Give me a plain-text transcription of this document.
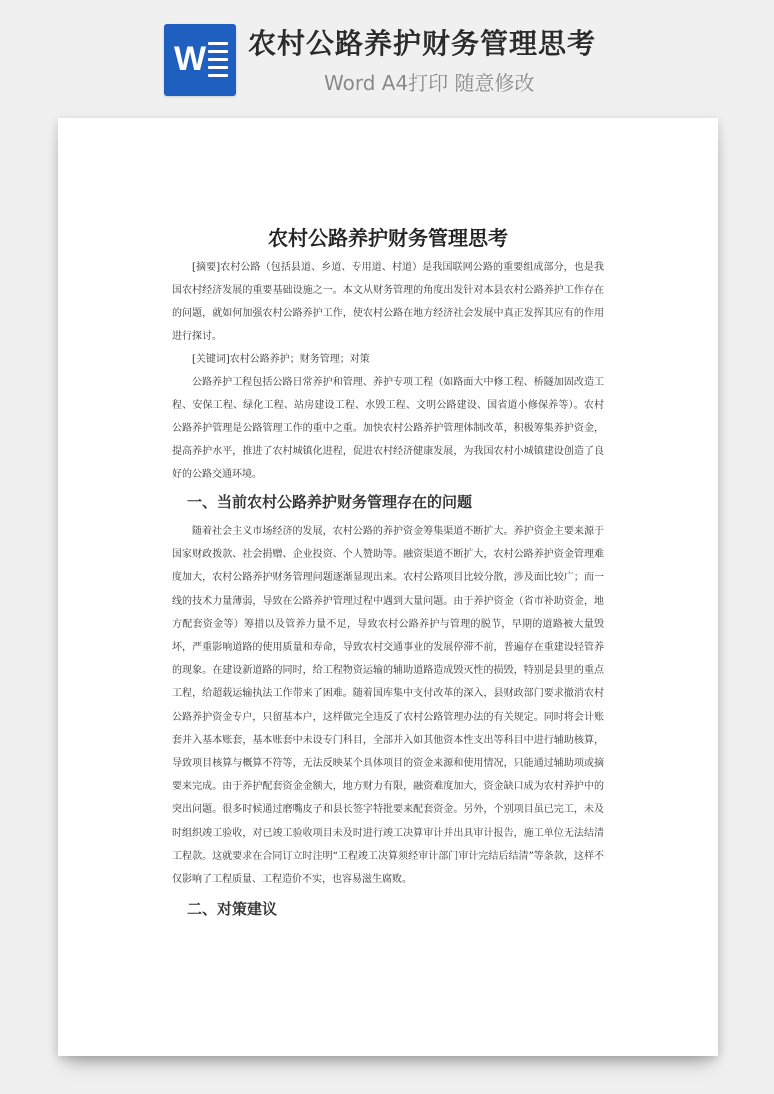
W 农村公路养护财务管理思考
Word A4打印 随意修改
农村公路养护财务管理思考

[摘要]农村公路（包括县道、乡道、专用道、村道）是我国联网公路的重要组成部分，也是我国农村经济发展的重要基础设施之一。本文从财务管理的角度出发针对本县农村公路养护工作存在的问题，就如何加强农村公路养护工作，使农村公路在地方经济社会发展中真正发挥其应有的作用进行探讨。

[关键词]农村公路养护；财务管理；对策

公路养护工程包括公路日常养护和管理、养护专项工程（如路面大中修工程、桥隧加固改造工程、安保工程、绿化工程、站房建设工程、水毁工程、文明公路建设、国省道小修保养等）。农村公路养护管理是公路管理工作的重中之重。加快农村公路养护管理体制改革，积极筹集养护资金，提高养护水平，推进了农村城镇化进程，促进农村经济健康发展，为我国农村小城镇建设创造了良好的公路交通环境。

一、当前农村公路养护财务管理存在的问题

随着社会主义市场经济的发展，农村公路的养护资金筹集渠道不断扩大。养护资金主要来源于国家财政拨款、社会捐赠、企业投资、个人赞助等。融资渠道不断扩大，农村公路养护资金管理难度加大，农村公路养护财务管理问题逐渐显现出来。农村公路项目比较分散，涉及面比较广；而一线的技术力量薄弱，导致在公路养护管理过程中遇到大量问题。由于养护资金（省市补助资金，地方配套资金等）筹措以及管养力量不足，导致农村公路养护与管理的脱节，早期的道路被大量毁坏，严重影响道路的使用质量和寿命，导致农村交通事业的发展停滞不前，普遍存在重建设轻管养的现象。在建设新道路的同时，给工程物资运输的辅助道路造成毁灭性的损毁，特别是县里的重点工程，给超载运输执法工作带来了困难。随着国库集中支付改革的深入，县财政部门要求撤消农村公路养护资金专户，只留基本户，这样做完全违反了农村公路管理办法的有关规定。同时将会计账套并入基本账套，基本账套中未设专门科目，全部并入如其他资本性支出等科目中进行辅助核算，导致项目核算与概算不符等，无法反映某个具体项目的资金来源和使用情况，只能通过辅助项或摘要来完成。由于养护配套资金金额大，地方财力有限，融资难度加大，资金缺口成为农村养护中的突出问题。很多时候通过磨嘴皮子和县长签字特批要来配套资金。另外，个别项目虽已完工，未及时组织竣工验收，对已竣工验收项目未及时进行竣工决算审计并出具审计报告，施工单位无法结清工程款。这就要求在合同订立时注明“工程竣工决算须经审计部门审计完结后结清”等条款，这样不仅影响了工程质量、工程造价不实，也容易滋生腐败。

二、对策建议
